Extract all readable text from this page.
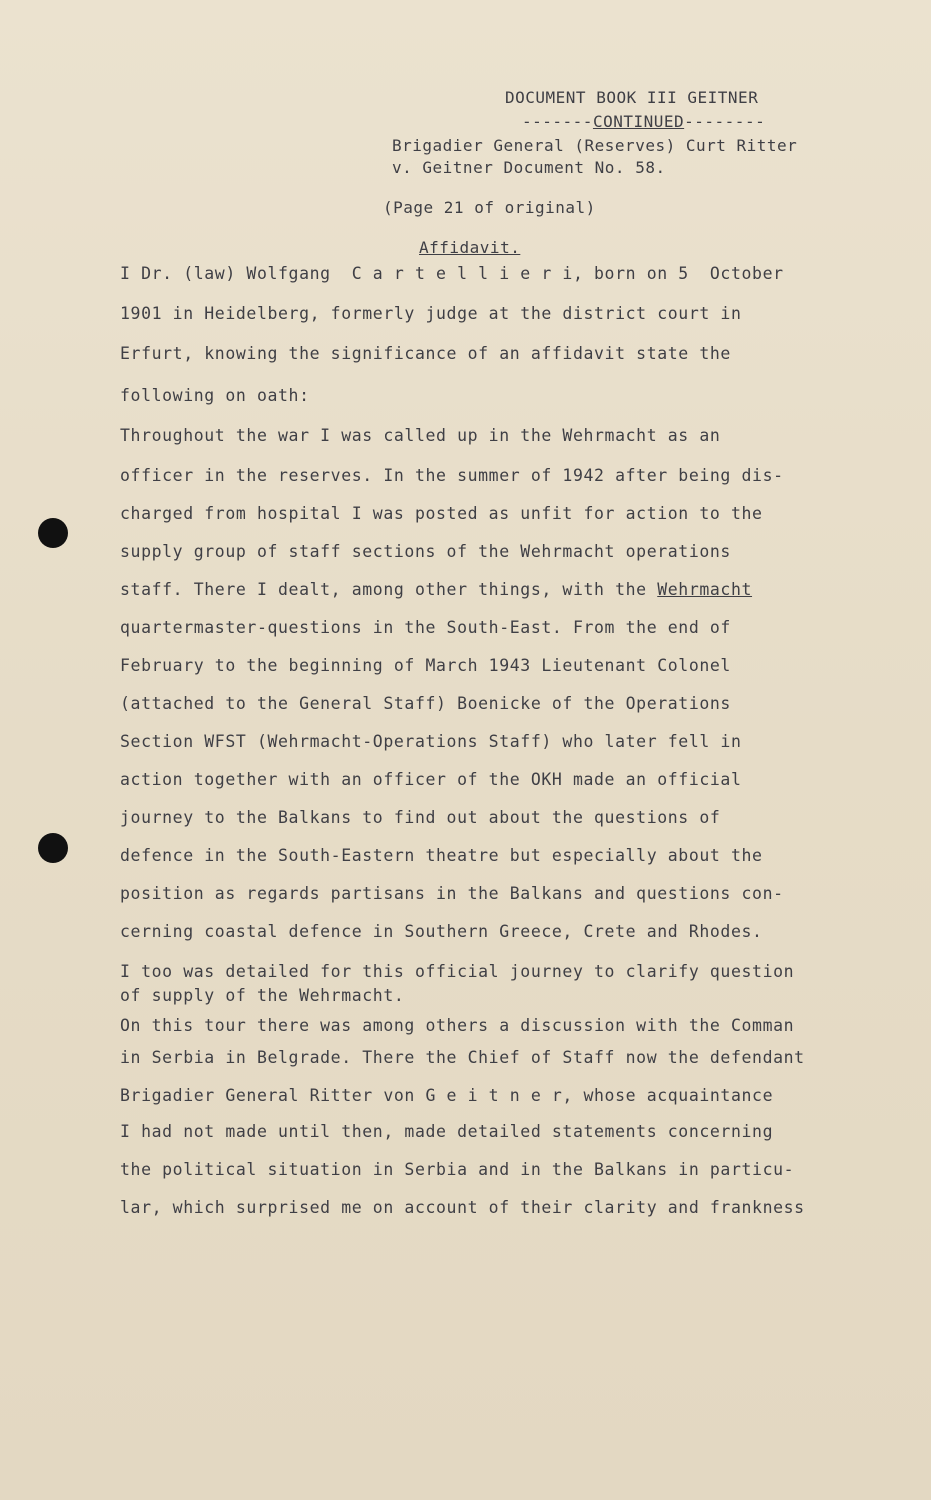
DOCUMENT BOOK III GEITNER

-------CONTINUED--------

Brigadier General (Reserves) Curt Ritter

v. Geitner Document No. 58.

(Page 21 of original)

Affidavit.

I Dr. (law) Wolfgang  C a r t e l l i e r i, born on 5  October
1901 in Heidelberg, formerly judge at the district court in
Erfurt, knowing the significance of an affidavit state the
following on oath:
Throughout the war I was called up in the Wehrmacht as an
officer in the reserves. In the summer of 1942 after being dis-
charged from hospital I was posted as unfit for action to the
supply group of staff sections of the Wehrmacht operations
staff. There I dealt, among other things, with the Wehrmacht
quartermaster-questions in the South-East. From the end of
February to the beginning of March 1943 Lieutenant Colonel
(attached to the General Staff) Boenicke of the Operations
Section WFST (Wehrmacht-Operations Staff) who later fell in
action together with an officer of the OKH made an official
journey to the Balkans to find out about the questions of
defence in the South-Eastern theatre but especially about the
position as regards partisans in the Balkans and questions con-
cerning coastal defence in Southern Greece, Crete and Rhodes.
I too was detailed for this official journey to clarify question
of supply of the Wehrmacht.
On this tour there was among others a discussion with the Comman
in Serbia in Belgrade. There the Chief of Staff now the defendant
Brigadier General Ritter von G e i t n e r, whose acquaintance
I had not made until then, made detailed statements concerning
the political situation in Serbia and in the Balkans in particu-
lar, which surprised me on account of their clarity and frankness
